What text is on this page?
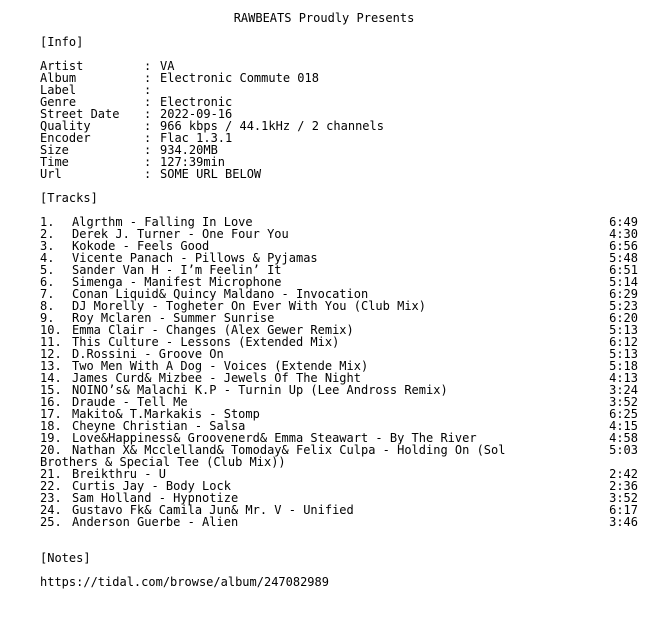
RAWBEATS Proudly Presents
[Info]
Artist	: VA
Album	: Electronic Commute 018
Label	:
Genre	: Electronic
Street Date : 2022-09-16
Quality	: 966 kbps / 44.1kHz / 2 channels
Encoder	: Flac 1.3.1
Size	: 934.20MB
Time	: 127:39min
Url	: SOME URL BELOW
[Tracks]
1. Algrthm - Falling In Love	6:49
2. Derek J. Turner - One Four You	4:30
3. Kokode - Feels Good	6:56
4. Vicente Panach - Pillows & Pyjamas	5:48
5. Sander Van H - I’m Feelin’ It	6:51
6. Simenga - Manifest Microphone	5:14
7. Conan Liquid& Quincy Maldano - Invocation	6:29
8. DJ Morelly - Togheter On Ever With You (Club Mix)	5:23
9. Roy Mclaren - Summer Sunrise	6:20
10. Emma Clair - Changes (Alex Gewer Remix)	5:13
11. This Culture - Lessons (Extended Mix)	6:12
12. D.Rossini - Groove On	5:13
13. Two Men With A Dog - Voices (Extende Mix)	5:18
14. James Curd& Mizbee - Jewels Of The Night	4:13
15. NOINO’s& Malachi K.P - Turnin Up (Lee Andross Remix)	3:24
16. Draude - Tell Me	3:52
17. Makito& T.Markakis - Stomp	6:25
18. Cheyne Christian - Salsa	4:15
19. Love&Happiness& Groovenerd& Emma Steawart - By The River	4:58
20. Nathan X& Mcclelland& Tomoday& Felix Culpa - Holding On (Sol	5:03
Brothers & Special Tee (Club Mix))
21. Breikthru - U	2:42
22. Curtis Jay - Body Lock	2:36
23. Sam Holland - Hypnotize	3:52
24. Gustavo Fk& Camila Jun& Mr. V - Unified	6:17
25. Anderson Guerbe - Alien	3:46
[Notes]
https://tidal.com/browse/album/247082989
